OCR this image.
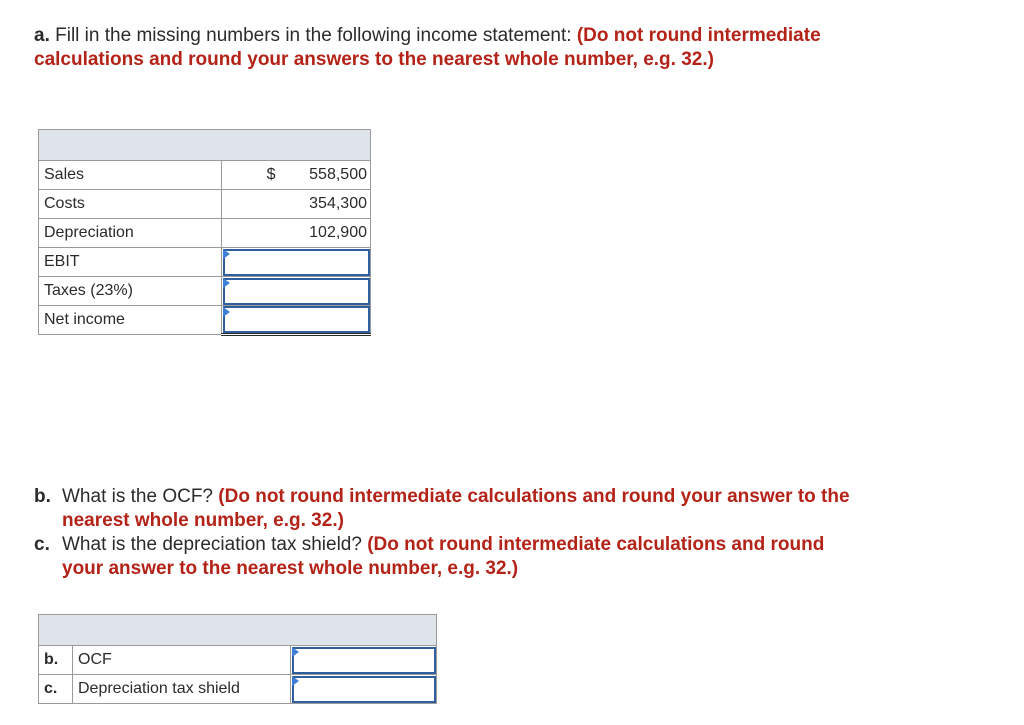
a. Fill in the missing numbers in the following income statement: (Do not round intermediate calculations and round your answers to the nearest whole number, e.g. 32.)

Sales	$	558,500
Costs		354,300
Depreciation		102,900
EBIT		

Taxes (23%)		

Net income		
b. What is the OCF? (Do not round intermediate calculations and round your answer to the nearest whole number, e.g. 32.)
c. What is the depreciation tax shield? (Do not round intermediate calculations and round your answer to the nearest whole number, e.g. 32.)

b.	OCF	

c.	Depreciation tax shield	
